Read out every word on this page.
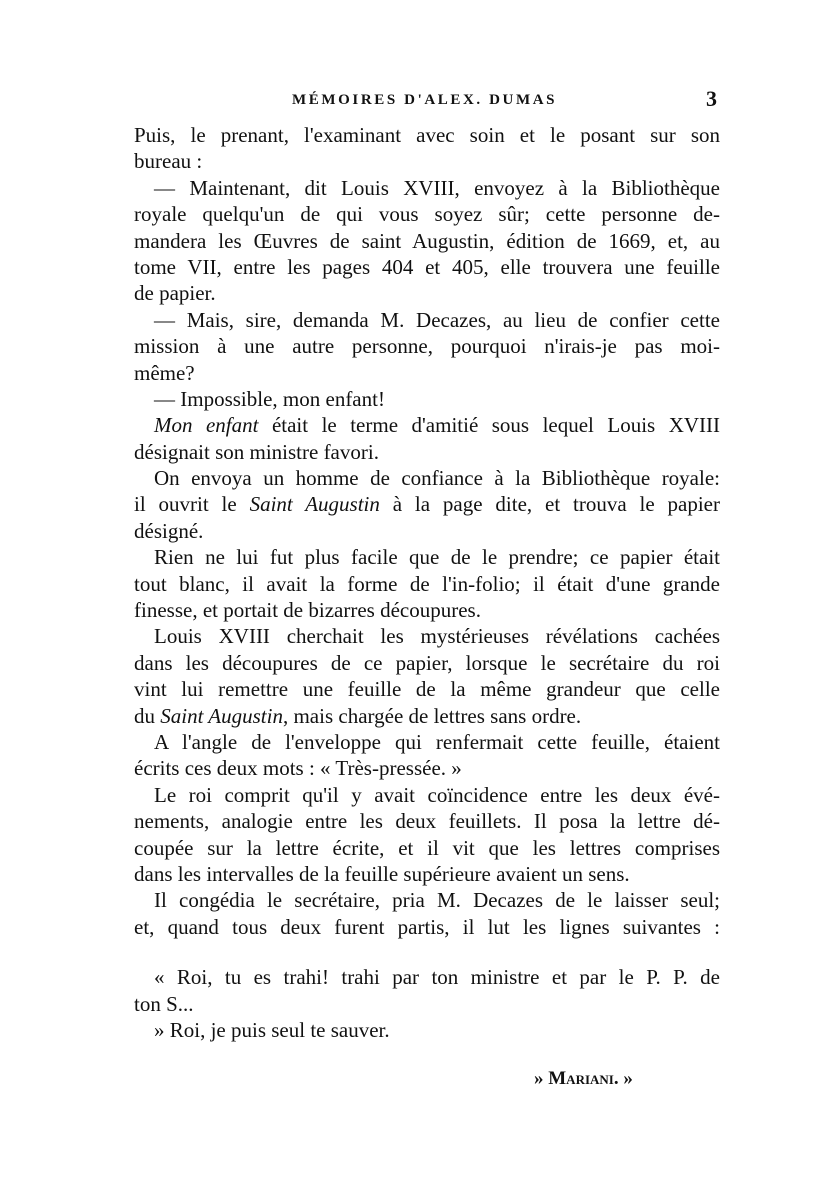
MÉMOIRES D'ALEX. DUMAS	3
Puis, le prenant, l'examinant avec soin et le posant sur son
bureau :
— Maintenant, dit Louis XVIII, envoyez à la Bibliothèque
royale quelqu'un de qui vous soyez sûr; cette personne de-
mandera les Œuvres de saint Augustin, édition de 1669, et, au
tome VII, entre les pages 404 et 405, elle trouvera une feuille
de papier.
— Mais, sire, demanda M. Decazes, au lieu de confier cette
mission à une autre personne, pourquoi n'irais-je pas moi-
même?
— Impossible, mon enfant!
Mon enfant était le terme d'amitié sous lequel Louis XVIII
désignait son ministre favori.
On envoya un homme de confiance à la Bibliothèque royale:
il ouvrit le Saint Augustin à la page dite, et trouva le papier
désigné.
Rien ne lui fut plus facile que de le prendre; ce papier était
tout blanc, il avait la forme de l'in-folio; il était d'une grande
finesse, et portait de bizarres découpures.
Louis XVIII cherchait les mystérieuses révélations cachées
dans les découpures de ce papier, lorsque le secrétaire du roi
vint lui remettre une feuille de la même grandeur que celle
du Saint Augustin, mais chargée de lettres sans ordre.
A l'angle de l'enveloppe qui renfermait cette feuille, étaient
écrits ces deux mots : « Très-pressée. »
Le roi comprit qu'il y avait coïncidence entre les deux évé-
nements, analogie entre les deux feuillets. Il posa la lettre dé-
coupée sur la lettre écrite, et il vit que les lettres comprises
dans les intervalles de la feuille supérieure avaient un sens.
Il congédia le secrétaire, pria M. Decazes de le laisser seul;
et, quand tous deux furent partis, il lut les lignes suivantes :
« Roi, tu es trahi! trahi par ton ministre et par le P. P. de
ton S...
» Roi, je puis seul te sauver.
» Mariani. »
